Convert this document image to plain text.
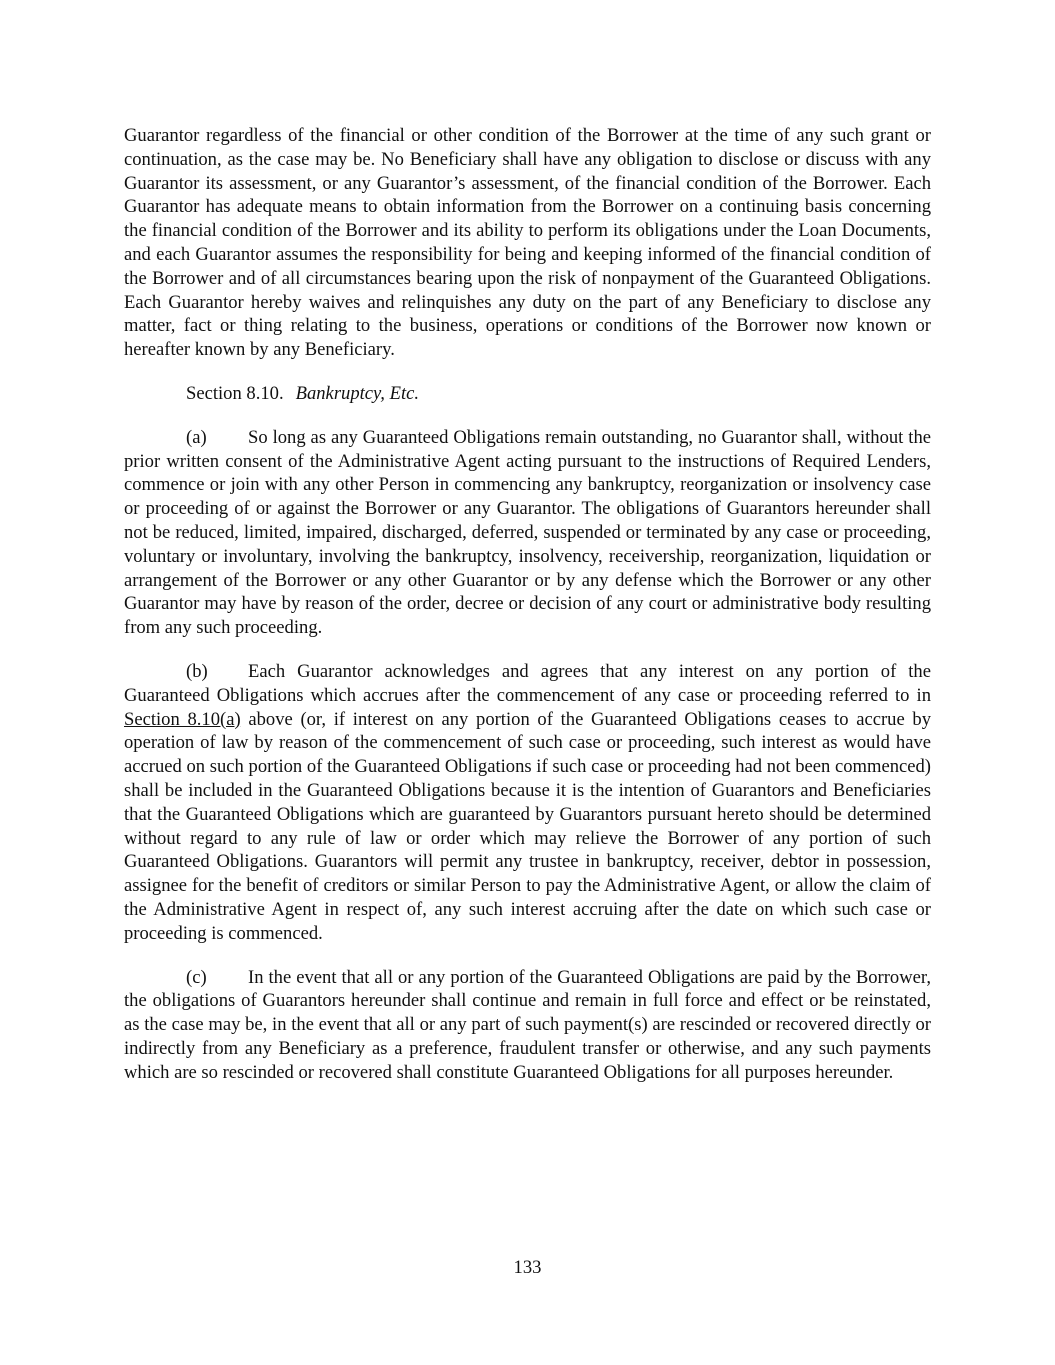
Guarantor regardless of the financial or other condition of the Borrower at the time of any such grant or continuation, as the case may be. No Beneficiary shall have any obligation to disclose or discuss with any Guarantor its assessment, or any Guarantor’s assessment, of the financial condition of the Borrower. Each Guarantor has adequate means to obtain information from the Borrower on a continuing basis concerning the financial condition of the Borrower and its ability to perform its obligations under the Loan Documents, and each Guarantor assumes the responsibility for being and keeping informed of the financial condition of the Borrower and of all circumstances bearing upon the risk of nonpayment of the Guaranteed Obligations. Each Guarantor hereby waives and relinquishes any duty on the part of any Beneficiary to disclose any matter, fact or thing relating to the business, operations or conditions of the Borrower now known or hereafter known by any Beneficiary.

Section 8.10. Bankruptcy, Etc.

(a) So long as any Guaranteed Obligations remain outstanding, no Guarantor shall, without the prior written consent of the Administrative Agent acting pursuant to the instructions of Required Lenders, commence or join with any other Person in commencing any bankruptcy, reorganization or insolvency case or proceeding of or against the Borrower or any Guarantor. The obligations of Guarantors hereunder shall not be reduced, limited, impaired, discharged, deferred, suspended or terminated by any case or proceeding, voluntary or involuntary, involving the bankruptcy, insolvency, receivership, reorganization, liquidation or arrangement of the Borrower or any other Guarantor or by any defense which the Borrower or any other Guarantor may have by reason of the order, decree or decision of any court or administrative body resulting from any such proceeding.

(b) Each Guarantor acknowledges and agrees that any interest on any portion of the Guaranteed Obligations which accrues after the commencement of any case or proceeding referred to in Section 8.10(a) above (or, if interest on any portion of the Guaranteed Obligations ceases to accrue by operation of law by reason of the commencement of such case or proceeding, such interest as would have accrued on such portion of the Guaranteed Obligations if such case or proceeding had not been commenced) shall be included in the Guaranteed Obligations because it is the intention of Guarantors and Beneficiaries that the Guaranteed Obligations which are guaranteed by Guarantors pursuant hereto should be determined without regard to any rule of law or order which may relieve the Borrower of any portion of such Guaranteed Obligations. Guarantors will permit any trustee in bankruptcy, receiver, debtor in possession, assignee for the benefit of creditors or similar Person to pay the Administrative Agent, or allow the claim of the Administrative Agent in respect of, any such interest accruing after the date on which such case or proceeding is commenced.

(c) In the event that all or any portion of the Guaranteed Obligations are paid by the Borrower, the obligations of Guarantors hereunder shall continue and remain in full force and effect or be reinstated, as the case may be, in the event that all or any part of such payment(s) are rescinded or recovered directly or indirectly from any Beneficiary as a preference, fraudulent transfer or otherwise, and any such payments which are so rescinded or recovered shall constitute Guaranteed Obligations for all purposes hereunder.

133
